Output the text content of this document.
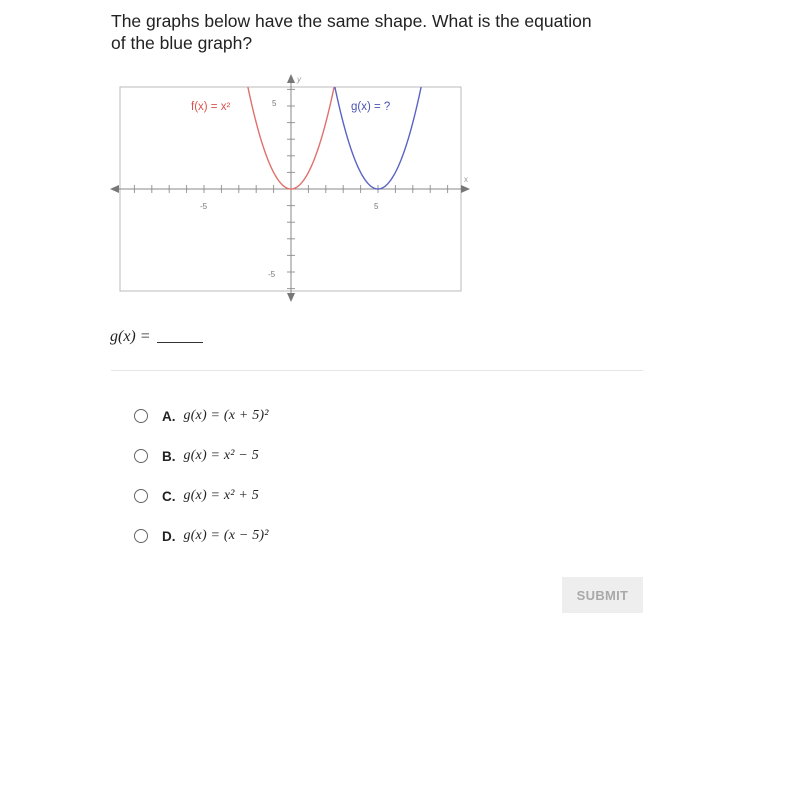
The graphs below have the same shape. What is the equation
of the blue graph?
x
y
-5	5
5
-5
f(x) = x²	g(x) = ?
g(x) =
A. g(x) = (x + 5)²
B. g(x) = x² − 5
C. g(x) = x² + 5
D. g(x) = (x − 5)²
SUBMIT
